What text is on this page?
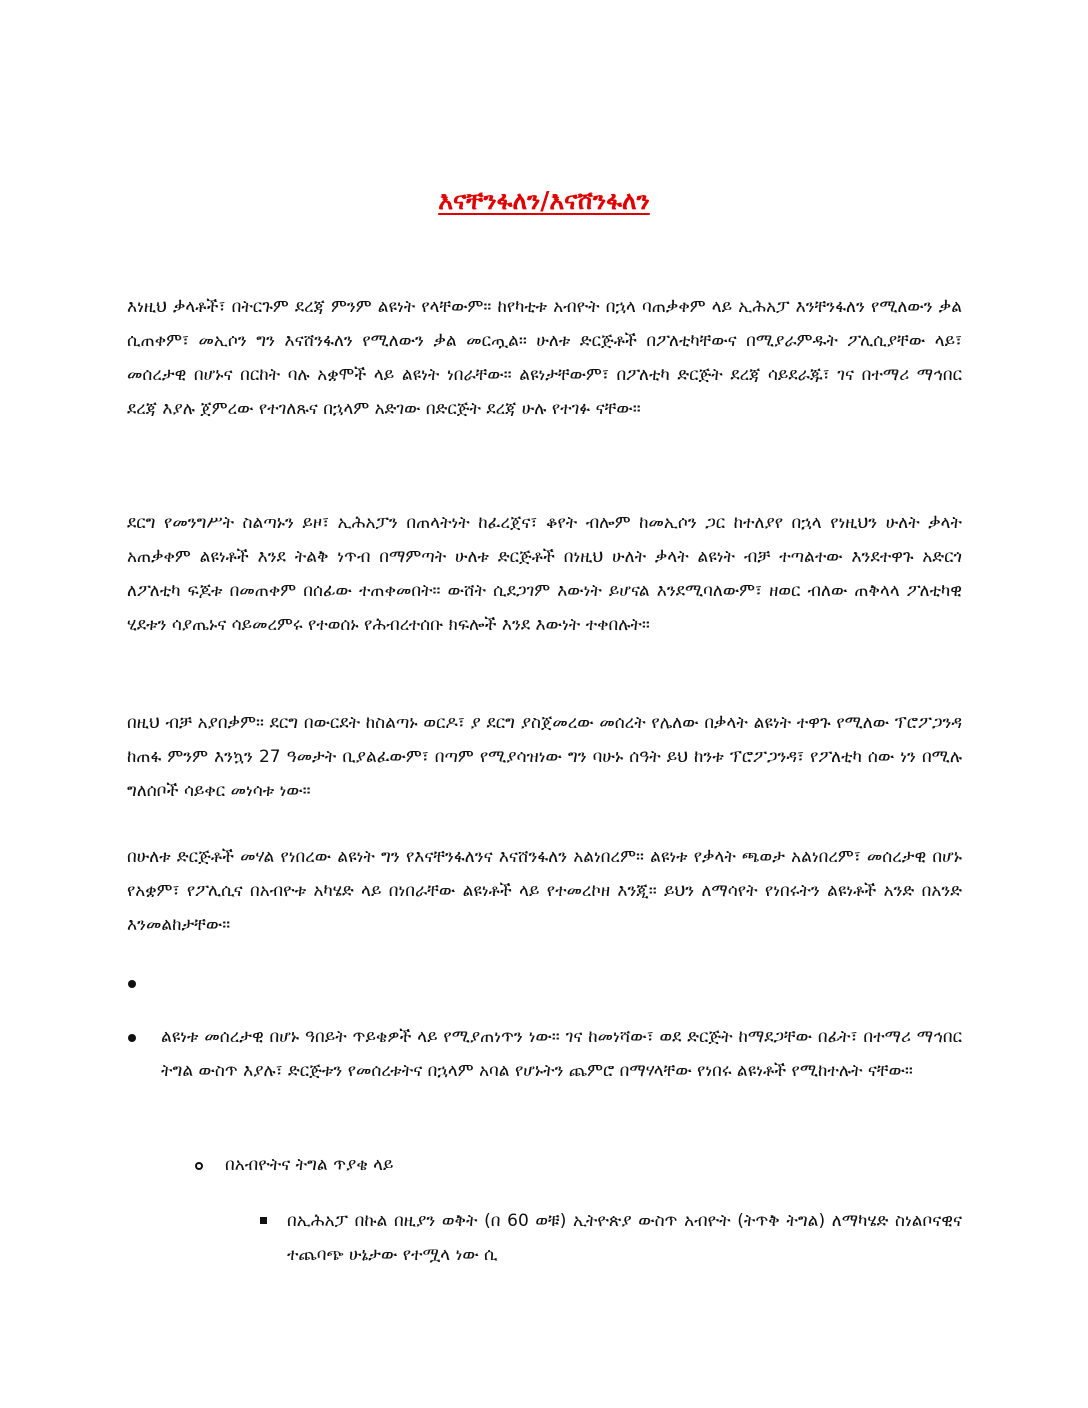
እናቸንፋለን/እናሸንፋለን

እነዚህ ቃላቶች፣ በትርጉም ደረጃ ምንም ልዩነት የላቸውም። ከየካቲቱ አብዮት በኋላ ባጠቃቀም ላይ ኢሕአፓ እንቸንፋለን የሚለውን ቃል ሲጠቀም፣ መኢሶን ግን እናሸንፋለን የሚለውን ቃል መርጧል። ሁለቱ ድርጅቶች በፖለቲካቸውና በሚያራምዱት ፖሊሲያቸው ላይ፣ መሰረታዊ በሆኑና በርከት ባሉ አቋሞች ላይ ልዩነት ነበራቸው። ልዩነታቸውም፣ በፖለቲካ ድርጅት ደረጃ ሳይደራጁ፣ ገና በተማሪ ማኅበር ደረጃ እያሉ ጀምረው የተገለጹና በኋላም አድገው በድርጅት ደረጃ ሁሉ የተገፉ ናቸው።

ደርግ የመንግሥት ስልጣኑን ይዞ፣ ኢሕአፓን በጠላትነት ከፈረጀና፣ ቆየት ብሎም ከመኢሶን ጋር ከተለያየ በኋላ የነዚህን ሁለት ቃላት አጠቃቀም ልዩነቶች እንደ ትልቅ ነጥብ በማምጣት ሁለቱ ድርጅቶች በነዚህ ሁለት ቃላት ልዩነት ብቻ ተጣልተው እንደተዋጉ አድርጎ ለፖለቲካ ፍጆቱ በመጠቀም በሰፊው ተጠቀመበት። ውሸት ሲደጋገም እውነት ይሆናል እንደሚባለውም፣ ዘወር ብለው ጠቅላላ ፖለቲካዊ ሂደቱን ሳያጤኑና ሳይመረምሩ የተወሰኑ የሕብረተሰቡ ክፍሎች እንደ እውነት ተቀበሉት።

በዚህ ብቻ አያበቃም። ደርግ በውርደት ከስልጣኑ ወርዶ፣ ያ ደርግ ያስጀመረው መሰረት የሌለው በቃላት ልዩነት ተዋጉ የሚለው ፕሮፖጋንዳ ከጠፋ ምንም እንኳን 27 ዓመታት ቢያልፈውም፣ በጣም የሚያሳዝነው ግን ባሁኑ ሰዓት ይህ ከንቱ ፕሮፖጋንዳ፣ የፖለቲካ ሰው ነን በሚሉ ግለሰቦች ሳይቀር መነሳቱ ነው።

በሁለቱ ድርጅቶች መሃል የነበረው ልዩነት ግን የእናቸንፋለንና እናሸንፋለን አልነበረም። ልዩነቱ የቃላት ጫወታ አልነበረም፣ መሰረታዊ በሆኑ የአቋም፣ የፖሊሲና በአብዮቱ አካሄድ ላይ በነበራቸው ልዩነቶች ላይ የተመረኮዘ እንጂ። ይህን ለማሳየት የነበሩትን ልዩነቶች አንድ በአንድ እንመልከታቸው።

ልዩነቱ መሰረታዊ በሆኑ ዓበይት ጥይቄዎች ላይ የሚያጠነጥን ነው። ገና ከመነሻው፣ ወደ ድርጅት ከማደጋቸው በፊት፣ በተማሪ ማኅበር ትግል ውስጥ እያሉ፣ ድርጅቱን የመሰረቱትና በኋላም አባል የሆኑትን ጨምሮ በማሃላቸው የነበሩ ልዩነቶች የሚከተሉት ናቸው።

በአብዮትና ትግል ጥያቄ ላይ

በኢሕአፓ በኩል በዚያን ወቅት (በ 60 ወቹ) ኢትዮጵያ ውስጥ አብዮት (ትጥቅ ትግል) ለማካሄድ ስነልቦናዊና ተጨባጭ ሁኔታው የተሟላ ነው ሲ
